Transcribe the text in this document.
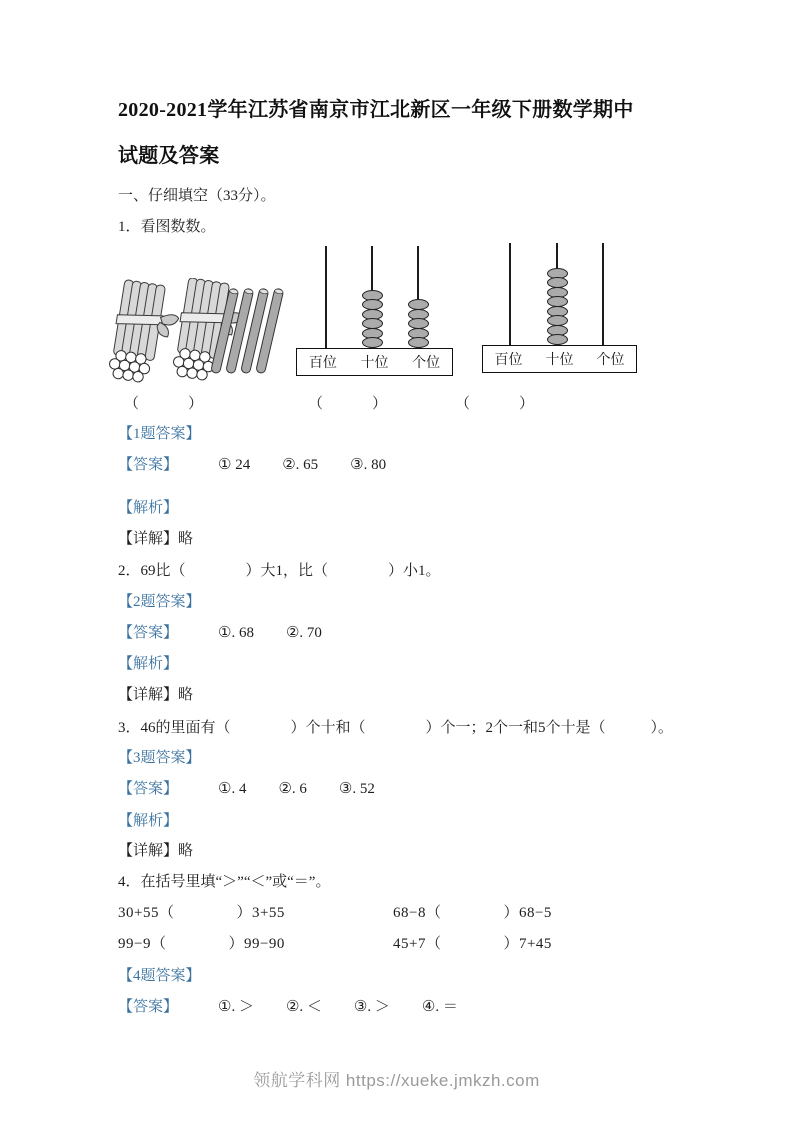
2020-2021学年江苏省南京市江北新区一年级下册数学期中
试题及答案
一、仔细填空（33分）。
1．看图数数。
百位 十位 个位	百位 十位 个位
（　　　）	（　　　）	（　　　）
【1题答案】
【答案】	① 24 ②. 65 ③. 80
【解析】
【详解】略
2．69比（　　　　）大1，比（　　　　）小1。
【2题答案】
【答案】	①. 68 ②. 70
【解析】
【详解】略
3．46的里面有（　　　　）个十和（　　　　）个一；2个一和5个十是（　　　）。
【3题答案】
【答案】	①. 4 ②. 6 ③. 52
【解析】
【详解】略
4．在括号里填“＞”“＜”或“＝”。
30+55（　　　　）3+55	68−8（　　　　）68−5
99−9（　　　　）99−90	45+7（　　　　）7+45
【4题答案】
【答案】	①. ＞ ②. ＜ ③. ＞ ④. ＝
领航学科网 https://xueke.jmkzh.com
